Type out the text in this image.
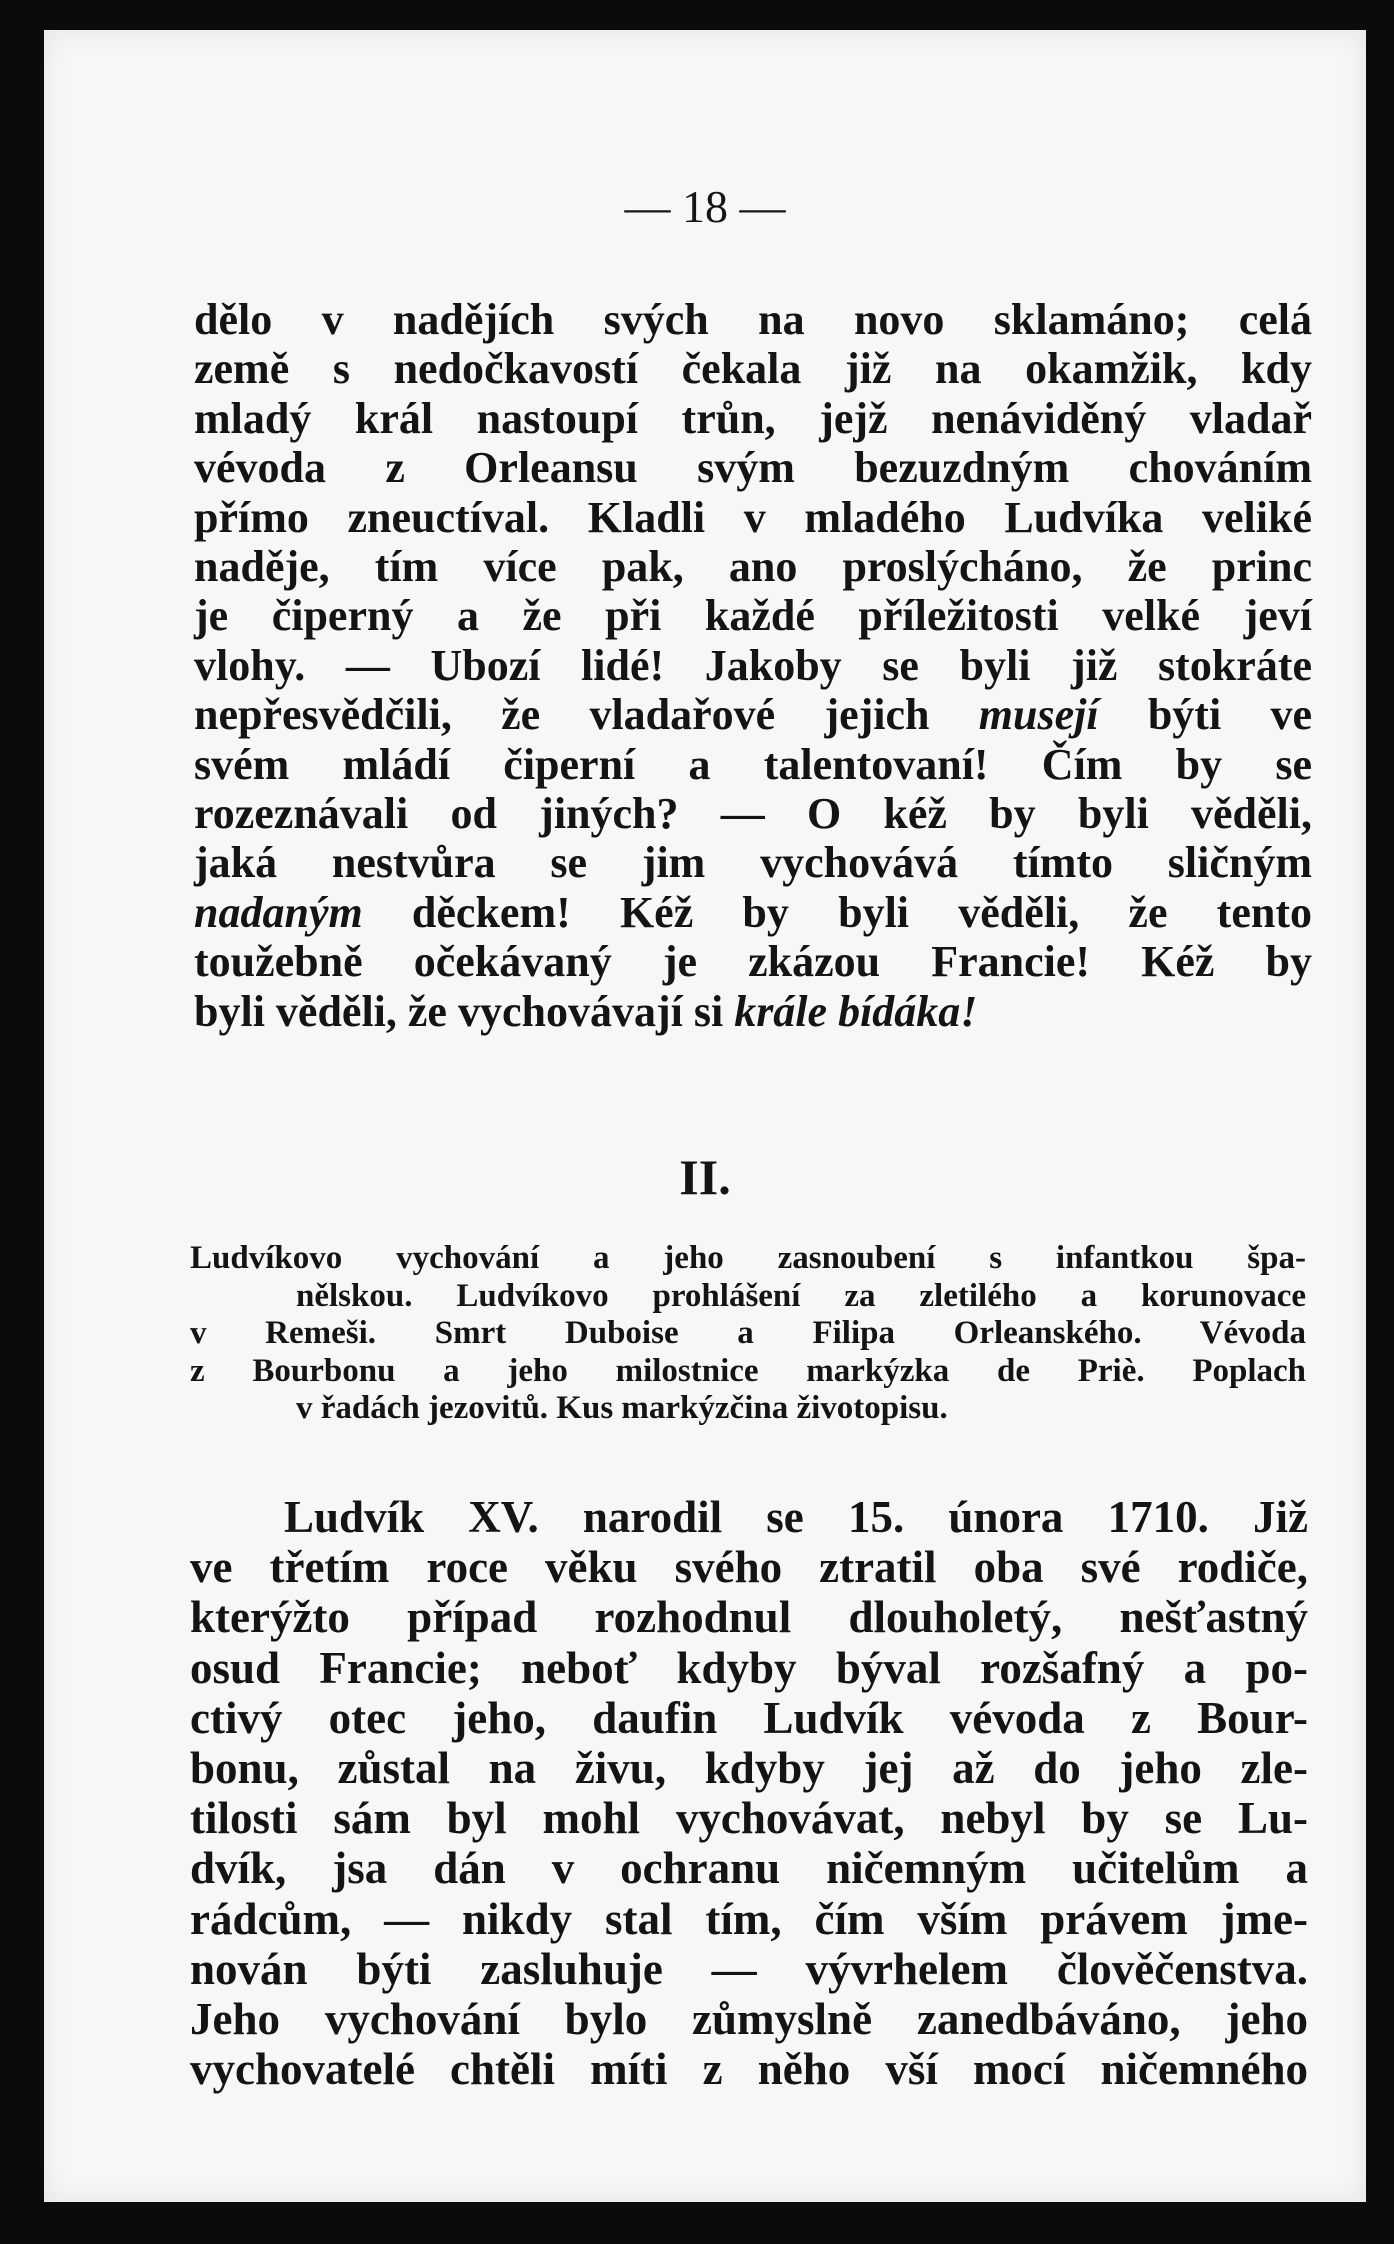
— 18 —
dělo v nadějích svých na novo sklamáno; celá
země s nedočkavostí čekala již na okamžik, kdy
mladý král nastoupí trůn, jejž nenáviděný vladař
vévoda z Orleansu svým bezuzdným chováním
přímo zneuctíval. Kladli v mladého Ludvíka veliké
naděje, tím více pak, ano proslýcháno, že princ
je čiperný a že při každé příležitosti velké jeví
vlohy. — Ubozí lidé! Jakoby se byli již stokráte
nepřesvědčili, že vladařové jejich musejí býti ve
svém mládí čiperní a talentovaní! Čím by se
rozeznávali od jiných? — O kéž by byli věděli,
jaká nestvůra se jim vychovává tímto sličným
nadaným děckem! Kéž by byli věděli, že tento
toužebně očekávaný je zkázou Francie! Kéž by
byli věděli, že vychovávají si krále bídáka!
II.
Ludvíkovo vychování a jeho zasnoubení s infantkou špa-
nělskou. Ludvíkovo prohlášení za zletilého a korunovace
v Remeši. Smrt Duboise a Filipa Orleanského. Vévoda
z Bourbonu a jeho milostnice markýzka de Priè. Poplach
v řadách jezovitů. Kus markýzčina životopisu.
Ludvík XV. narodil se 15. února 1710. Již
ve třetím roce věku svého ztratil oba své rodiče,
kterýžto případ rozhodnul dlouholetý, nešťastný
osud Francie; neboť kdyby býval rozšafný a po-
ctivý otec jeho, daufin Ludvík vévoda z Bour-
bonu, zůstal na živu, kdyby jej až do jeho zle-
tilosti sám byl mohl vychovávat, nebyl by se Lu-
dvík, jsa dán v ochranu ničemným učitelům a
rádcům, — nikdy stal tím, čím vším právem jme-
nován býti zasluhuje — vývrhelem člověčenstva.
Jeho vychování bylo zůmyslně zanedbáváno, jeho
vychovatelé chtěli míti z něho vší mocí ničemného
